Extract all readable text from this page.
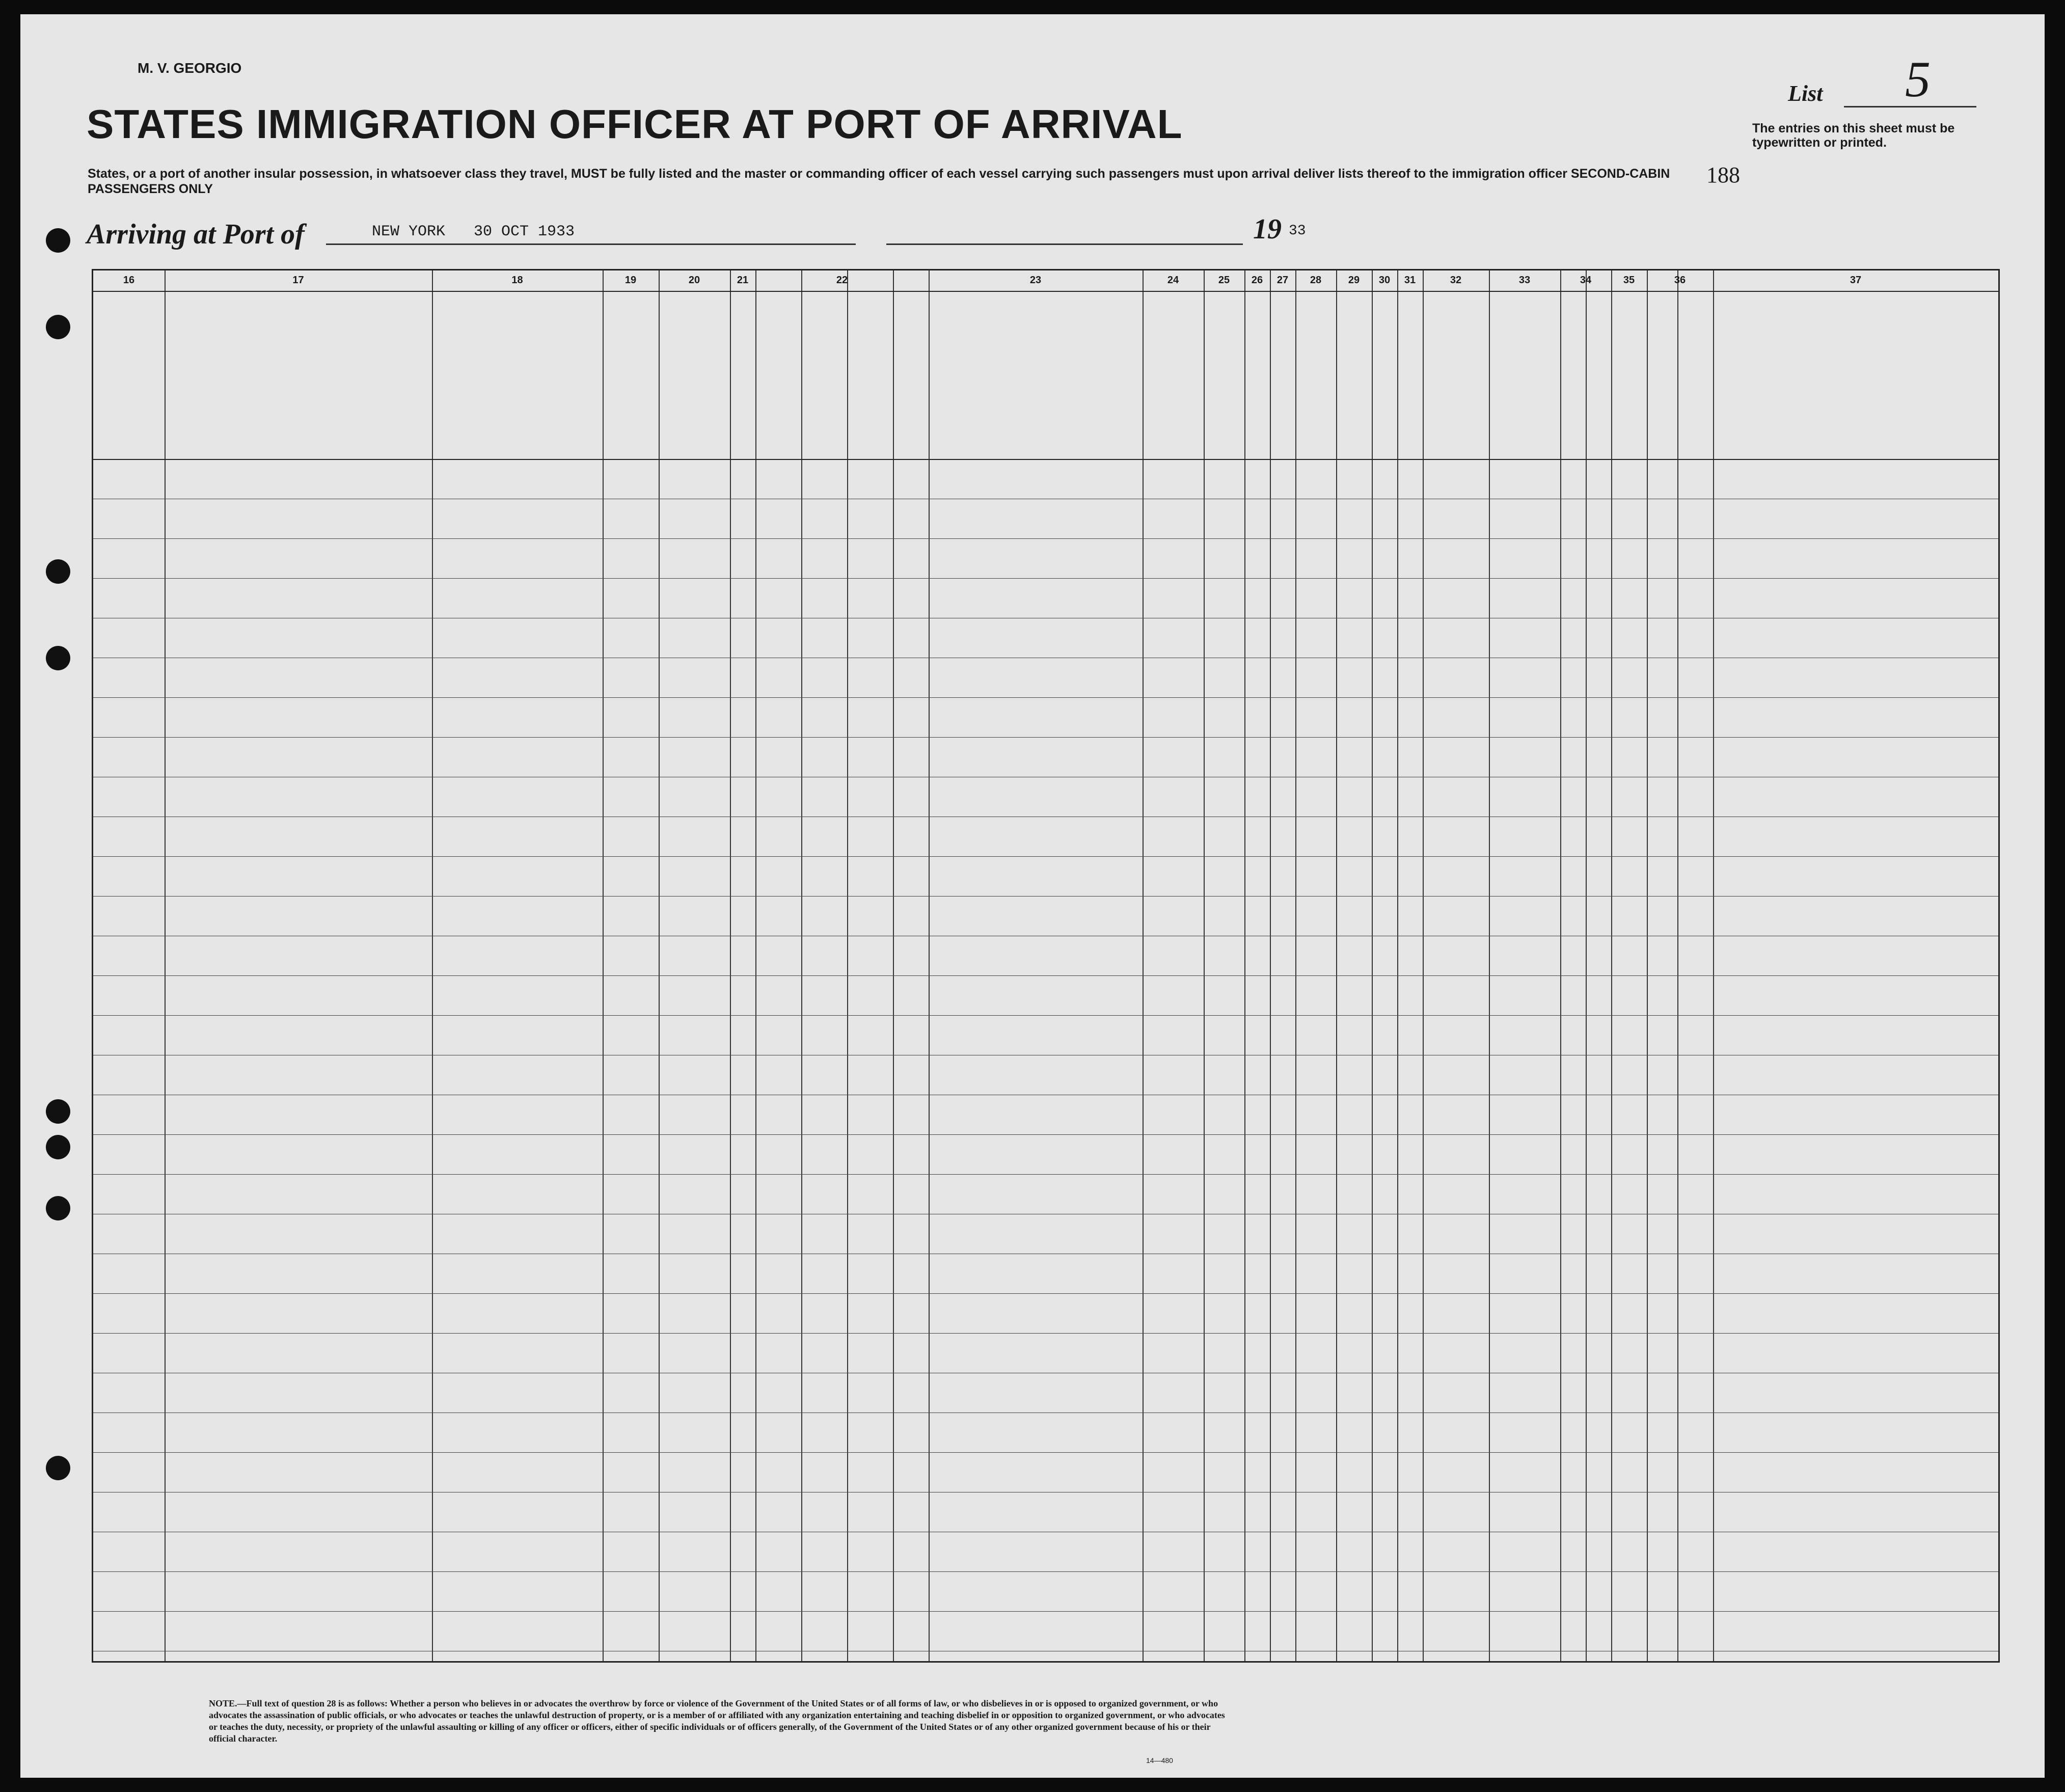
M. V. GEORGIO
STATES IMMIGRATION OFFICER AT PORT OF ARRIVAL
States, or a port of another insular possession, in whatsoever class they travel, MUST be fully listed and the master or commanding officer of each vessel carrying such passengers must upon arrival deliver lists thereof to the immigration officer SECOND-CABIN PASSENGERS ONLY
Arriving at Port of	NEW YORK 30 OCT 1933	19 33
List 5
The entries on this sheet must be typewritten or printed.
188
16	17	18	19	20	21	22	23	24	25	26	27	28	29	30	31	32	33	34	35	36	37
NOTE.—Full text of question 28 is as follows: Whether a person who believes in or advocates the overthrow by force or violence of the Government of the United States or of all forms of law, or who disbelieves in or is opposed to organized government, or who advocates the assassination of public officials, or who advocates or teaches the unlawful destruction of property, or is a member of or affiliated with any organization entertaining and teaching disbelief in or opposition to organized government, or who advocates or teaches the duty, necessity, or propriety of the unlawful assaulting or killing of any officer or officers, either of specific individuals or of officers generally, of the Government of the United States or of any other organized government because of his or their official character.
14—480
